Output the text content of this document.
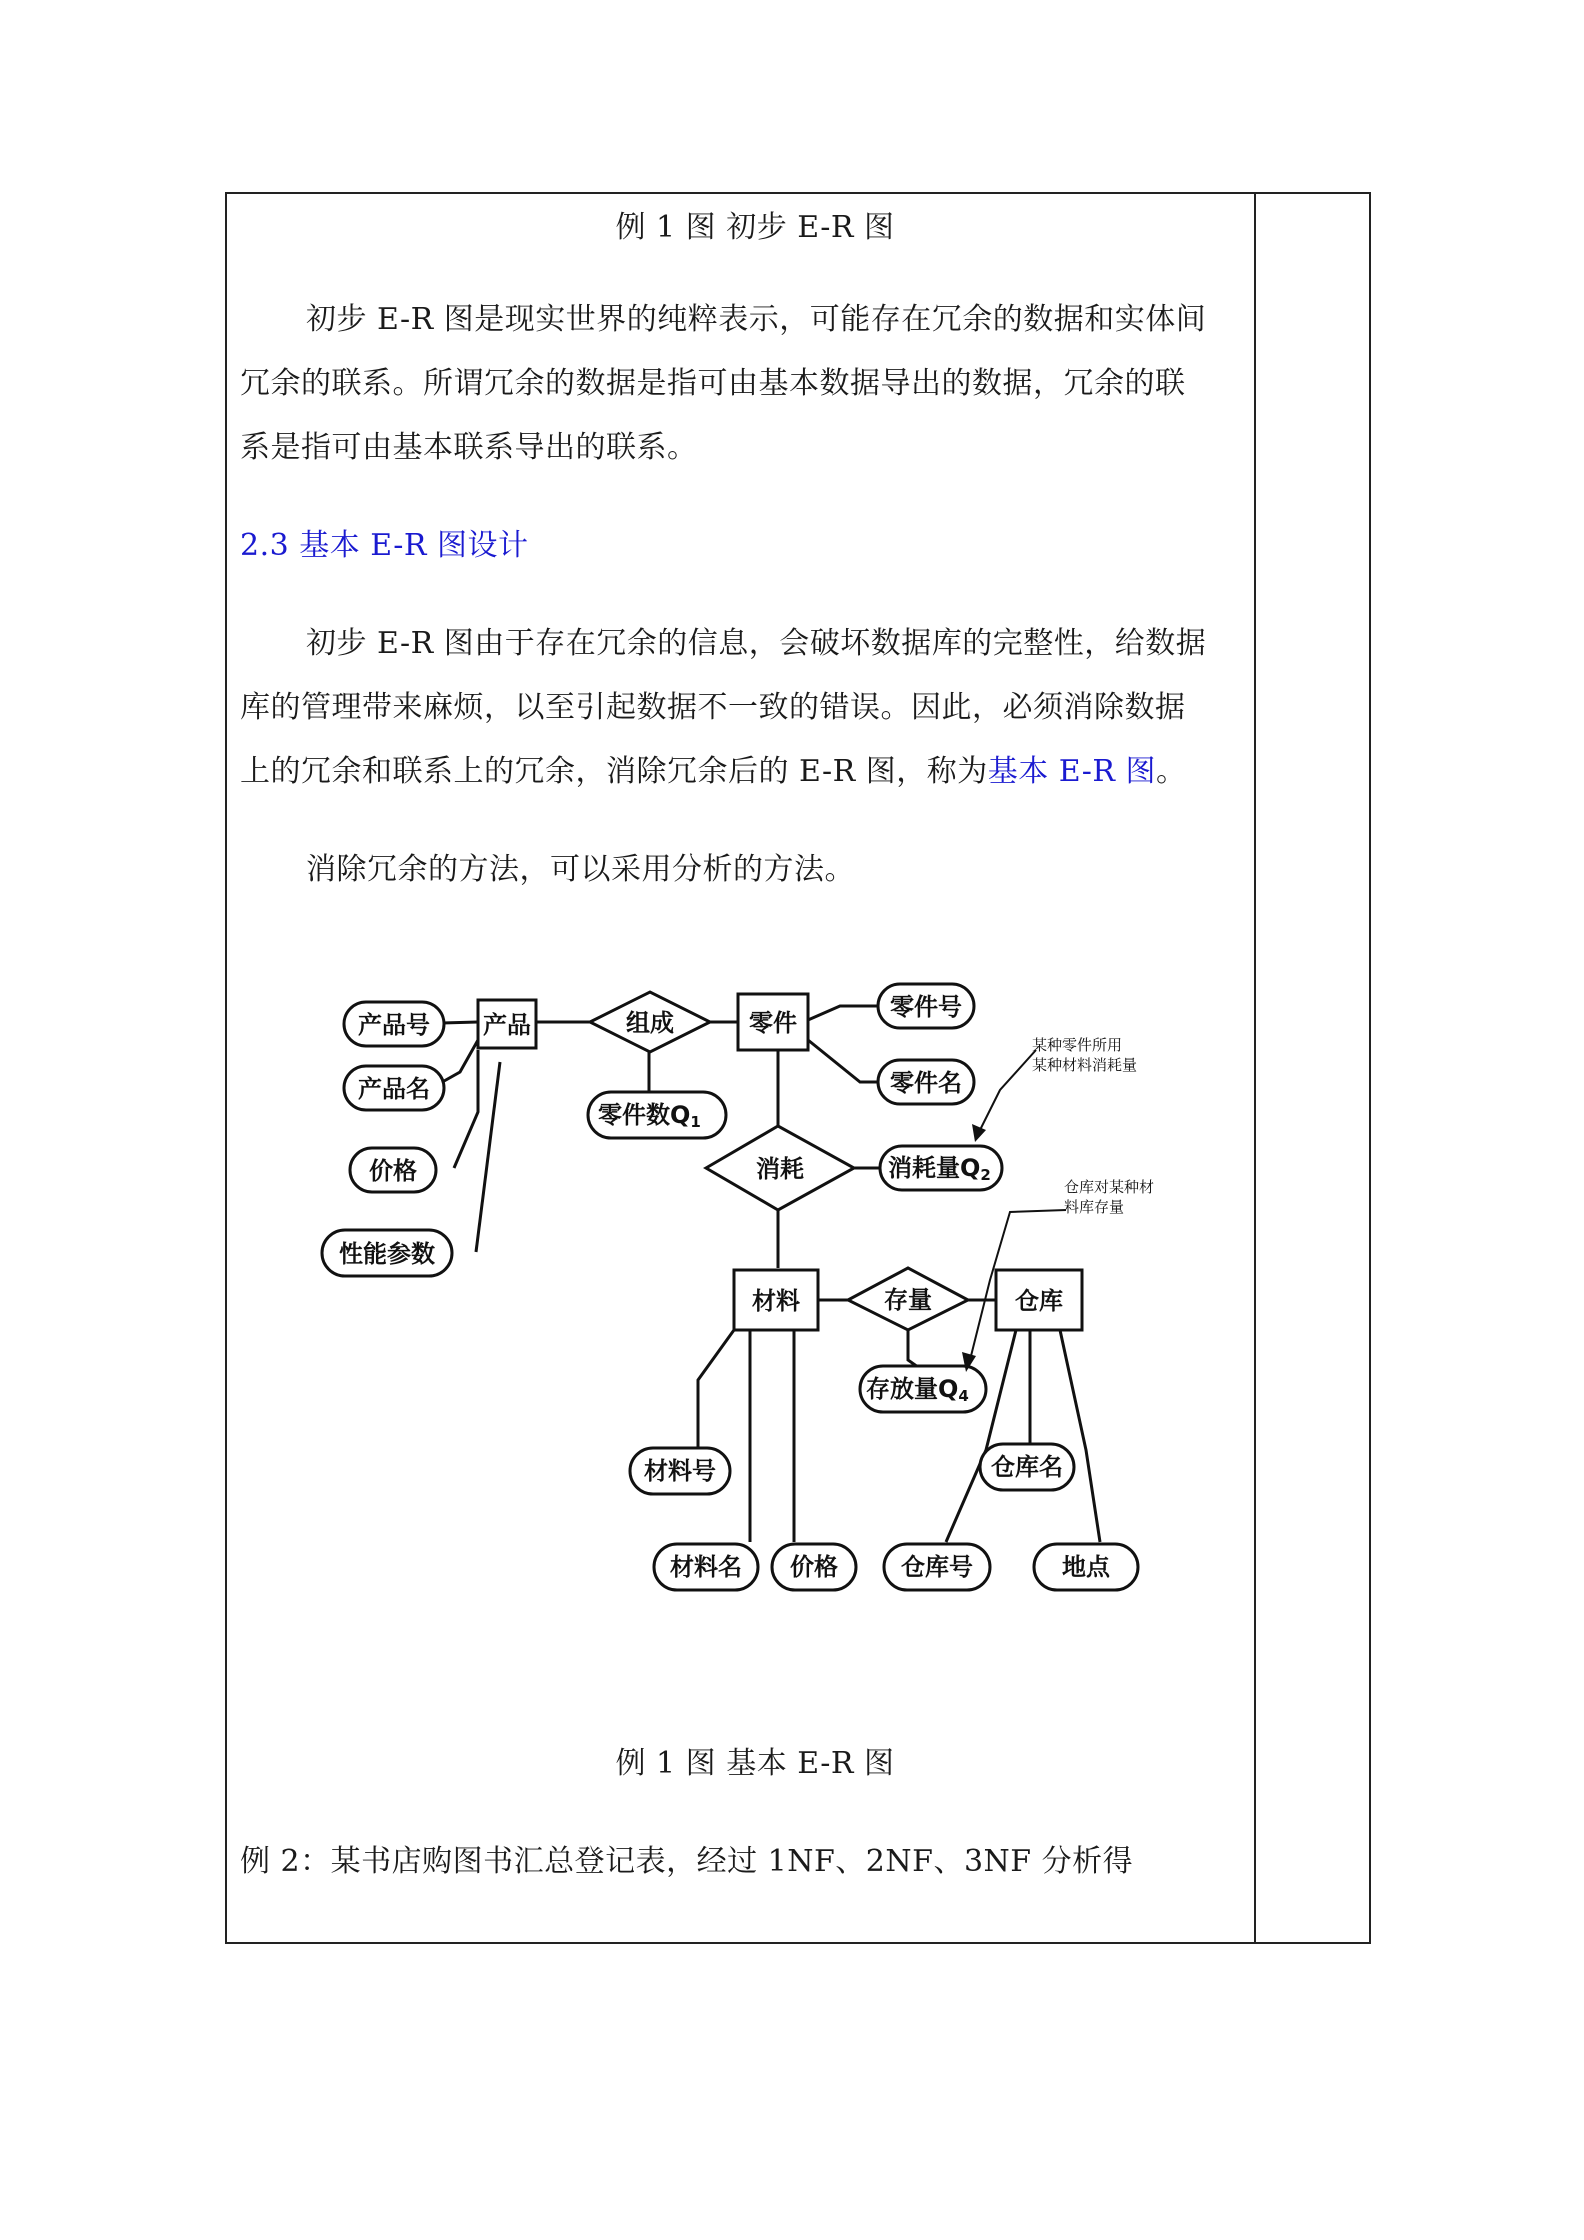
例 1 图 初步 E-R 图
初步 E-R 图是现实世界的纯粹表示，可能存在冗余的数据和实体间
冗余的联系。所谓冗余的数据是指可由基本数据导出的数据，冗余的联
系是指可由基本联系导出的联系。
2.3 基本 E-R 图设计
初步 E-R 图由于存在冗余的信息，会破坏数据库的完整性，给数据
库的管理带来麻烦，以至引起数据不一致的错误。因此，必须消除数据
上的冗余和联系上的冗余，消除冗余后的 E-R 图，称为基本 E-R 图。
消除冗余的方法，可以采用分析的方法。
例 1 图 基本 E-R 图
例 2：某书店购图书汇总登记表，经过 1NF、2NF、3NF 分析得
产品	零件
材料	仓库
组成
消耗
存量
产品号
产品名
价格
性能参数
零件号
零件名
材料号
材料名 价格	仓库号
仓库名
地点
零件数$Q_1$
消耗量$Q_2$
存放量$Q_4$
某种零件所用
某种材料消耗量
仓库对某种材
料库存量
